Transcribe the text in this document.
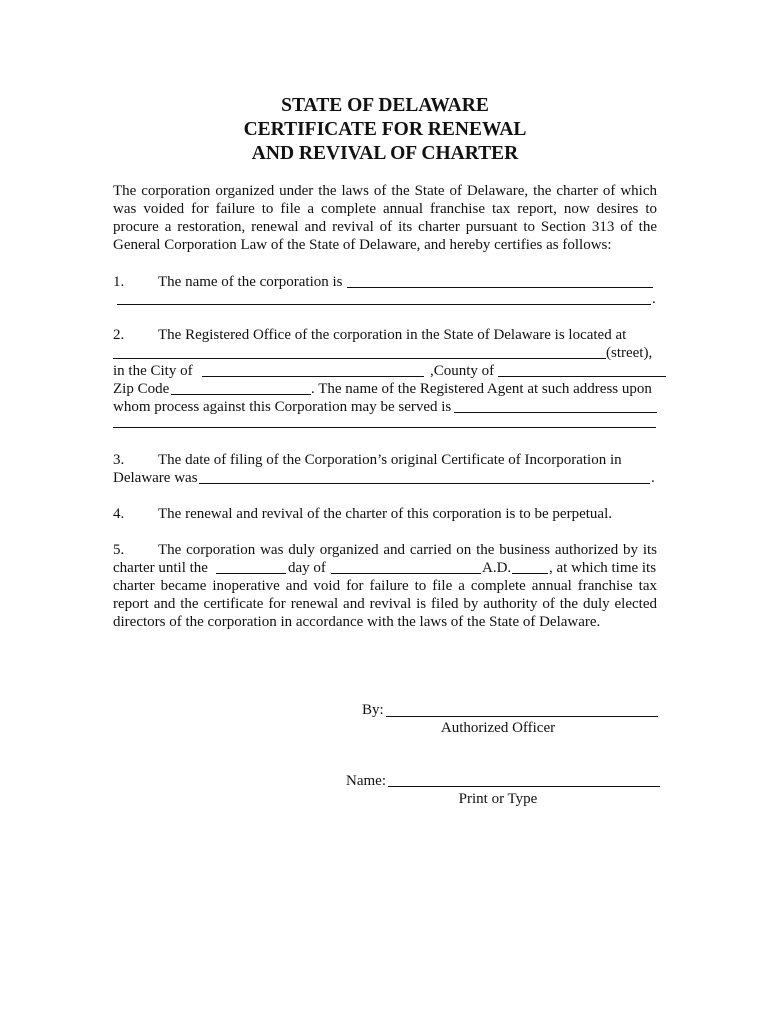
STATE OF DELAWARE
CERTIFICATE FOR RENEWAL
AND REVIVAL OF CHARTER
The corporation organized under the laws of the State of Delaware, the charter of which
was voided for failure to file a complete annual franchise tax report, now desires to
procure a restoration, renewal and revival of its charter pursuant to Section 313 of the
General Corporation Law of the State of Delaware, and hereby certifies as follows:
1. The name of the corporation is
.
2. The Registered Office of the corporation in the State of Delaware is located at
(street),
in the City of	,County of
Zip Code	. The name of the Registered Agent at such address upon
whom process against this Corporation may be served is
3. The date of filing of the Corporation’s original Certificate of Incorporation in
Delaware was	.
4. The renewal and revival of the charter of this corporation is to be perpetual.
5. The corporation was duly organized and carried on the business authorized by its
charter until the	day of	A.D.	, at which time its
charter became inoperative and void for failure to file a complete annual franchise tax
report and the certificate for renewal and revival is filed by authority of the duly elected
directors of the corporation in accordance with the laws of the State of Delaware.
By:
Authorized Officer
Name:
Print or Type
